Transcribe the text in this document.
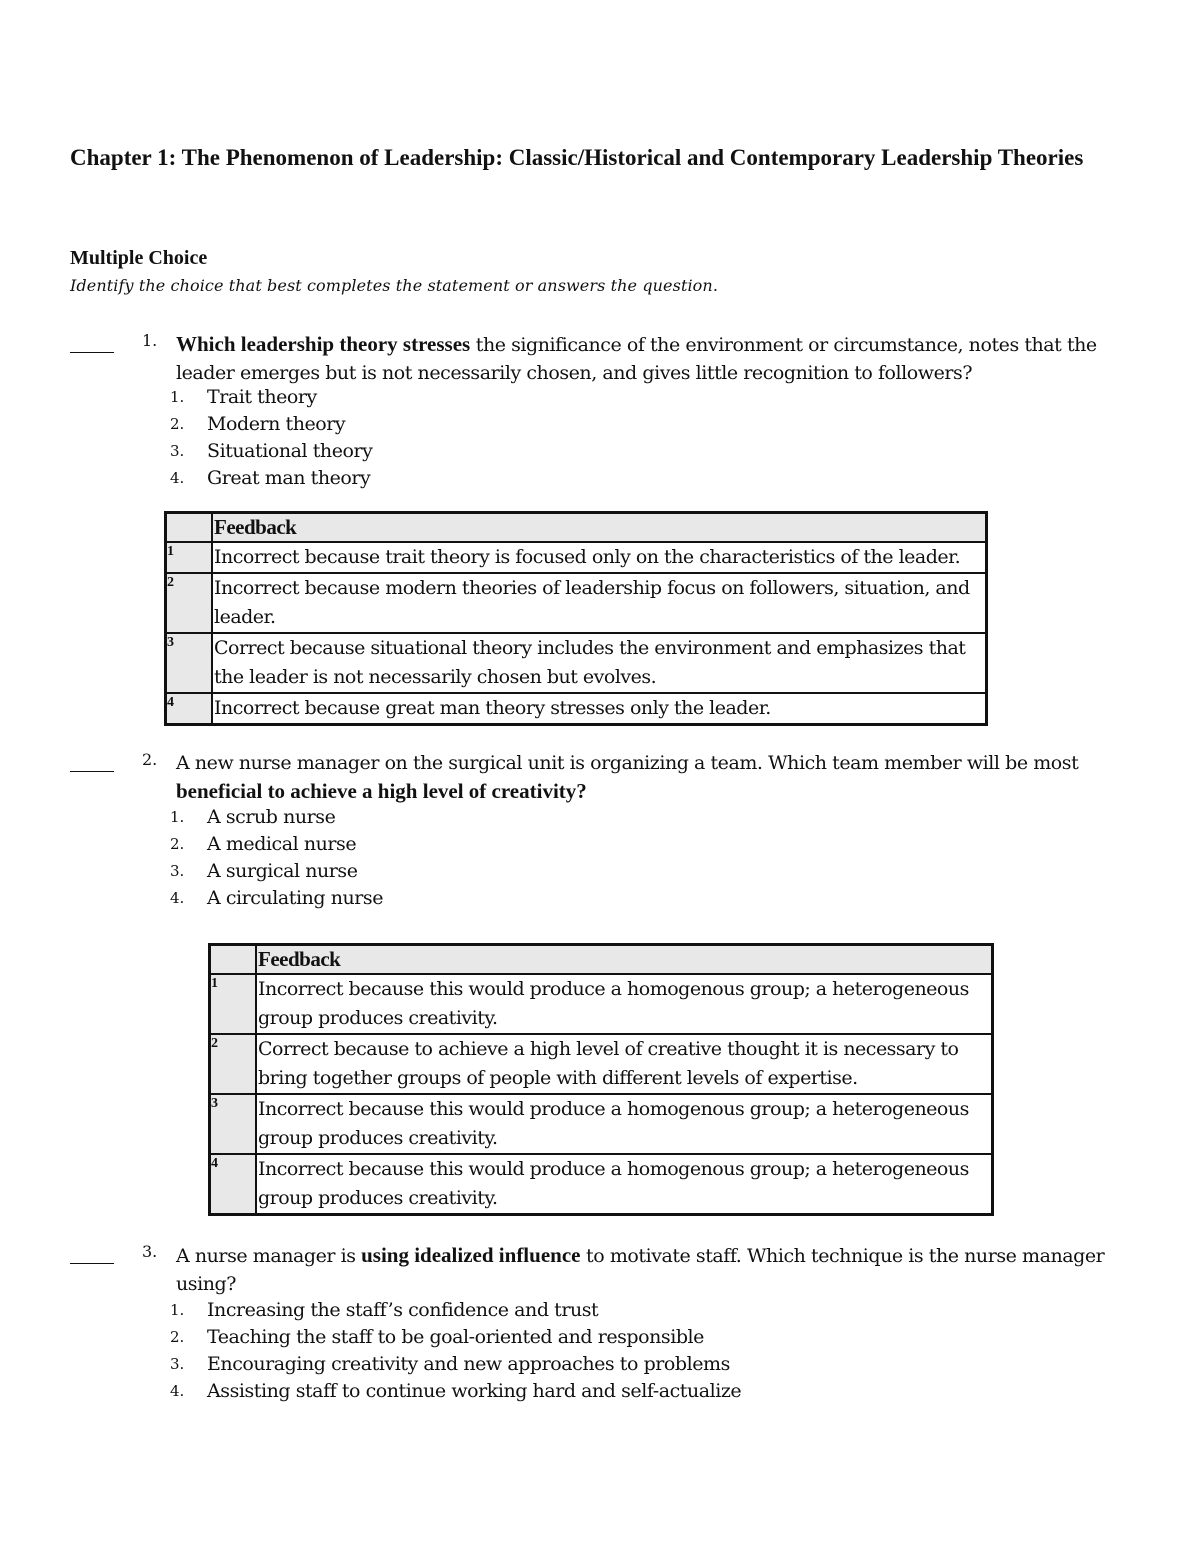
Chapter 1: The Phenomenon of Leadership: Classic/Historical and Contemporary Leadership Theories
Multiple Choice
Identify the choice that best completes the statement or answers the question.
1. Which leadership theory stresses the significance of the environment or circumstance, notes that the leader emerges but is not necessarily chosen, and gives little recognition to followers?
1. Trait theory
2. Modern theory
3. Situational theory
4. Great man theory
	Feedback
1	Incorrect because trait theory is focused only on the characteristics of the leader.
2	Incorrect because modern theories of leadership focus on followers, situation, and leader.
3	Correct because situational theory includes the environment and emphasizes that the leader is not necessarily chosen but evolves.
4	Incorrect because great man theory stresses only the leader.
2. A new nurse manager on the surgical unit is organizing a team. Which team member will be most beneficial to achieve a high level of creativity?
1. A scrub nurse
2. A medical nurse
3. A surgical nurse
4. A circulating nurse
	Feedback
1	Incorrect because this would produce a homogenous group; a heterogeneous group produces creativity.
2	Correct because to achieve a high level of creative thought it is necessary to bring together groups of people with different levels of expertise.
3	Incorrect because this would produce a homogenous group; a heterogeneous group produces creativity.
4	Incorrect because this would produce a homogenous group; a heterogeneous group produces creativity.
3. A nurse manager is using idealized influence to motivate staff. Which technique is the nurse manager using?
1. Increasing the staff’s confidence and trust
2. Teaching the staff to be goal-oriented and responsible
3. Encouraging creativity and new approaches to problems
4. Assisting staff to continue working hard and self-actualize
